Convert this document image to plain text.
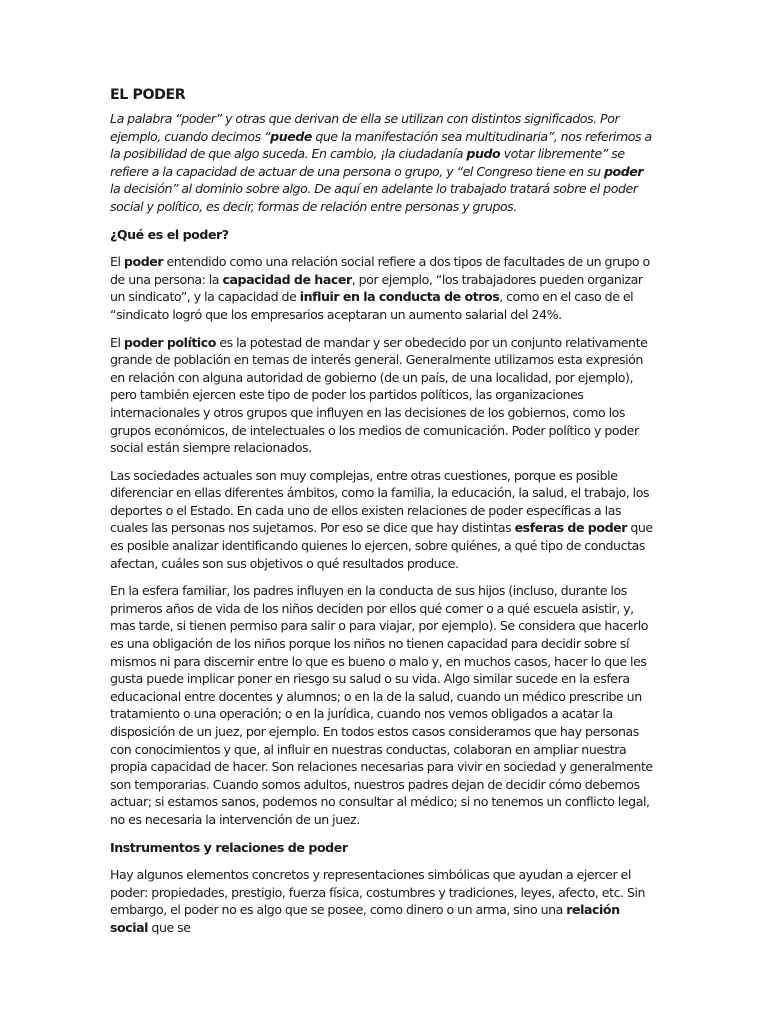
EL PODER

La palabra “poder” y otras que derivan de ella se utilizan con distintos significados. Por ejemplo, cuando decimos “puede que la manifestación sea multitudinaria”, nos referimos a la posibilidad de que algo suceda. En cambio, ¡la ciudadanía pudo votar libremente” se refiere a la capacidad de actuar de una persona o grupo, y “el Congreso tiene en su poder la decisión” al dominio sobre algo. De aquí en adelante lo trabajado tratará sobre el poder social y político, es decir, formas de relación entre personas y grupos.

¿Qué es el poder?

El poder entendido como una relación social refiere a dos tipos de facultades de un grupo o de una persona: la capacidad de hacer, por ejemplo, “los trabajadores pueden organizar un sindicato”, y la capacidad de influir en la conducta de otros, como en el caso de el “sindicato logró que los empresarios aceptaran un aumento salarial del 24%.

El poder político es la potestad de mandar y ser obedecido por un conjunto relativamente grande de población en temas de interés general. Generalmente utilizamos esta expresión en relación con alguna autoridad de gobierno (de un país, de una localidad, por ejemplo), pero también ejercen este tipo de poder los partidos políticos, las organizaciones internacionales y otros grupos que influyen en las decisiones de los gobiernos, como los grupos económicos, de intelectuales o los medios de comunicación. Poder político y poder social están siempre relacionados.

Las sociedades actuales son muy complejas, entre otras cuestiones, porque es posible diferenciar en ellas diferentes ámbitos, como la familia, la educación, la salud, el trabajo, los deportes o el Estado. En cada uno de ellos existen relaciones de poder específicas a las cuales las personas nos sujetamos. Por eso se dice que hay distintas esferas de poder que es posible analizar identificando quienes lo ejercen, sobre quiénes, a qué tipo de conductas afectan, cuáles son sus objetivos o qué resultados produce.

En la esfera familiar, los padres influyen en la conducta de sus hijos (incluso, durante los primeros años de vida de los niños deciden por ellos qué comer o a qué escuela asistir, y, mas tarde, si tienen permiso para salir o para viajar, por ejemplo). Se considera que hacerlo es una obligación de los niños porque los niños no tienen capacidad para decidir sobre sí mismos ni para discernir entre lo que es bueno o malo y, en muchos casos, hacer lo que les gusta puede implicar poner en riesgo su salud o su vida. Algo similar sucede en la esfera educacional entre docentes y alumnos; o en la de la salud, cuando un médico prescribe un tratamiento o una operación; o en la jurídica, cuando nos vemos obligados a acatar la disposición de un juez, por ejemplo. En todos estos casos consideramos que hay personas con conocimientos y que, al influir en nuestras conductas, colaboran en ampliar nuestra propia capacidad de hacer. Son relaciones necesarias para vivir en sociedad y generalmente son temporarias. Cuando somos adultos, nuestros padres dejan de decidir cómo debemos actuar; si estamos sanos, podemos no consultar al médico; si no tenemos un conflicto legal, no es necesaria la intervención de un juez.

Instrumentos y relaciones de poder

Hay algunos elementos concretos y representaciones simbólicas que ayudan a ejercer el poder: propiedades, prestigio, fuerza física, costumbres y tradiciones, leyes, afecto, etc. Sin embargo, el poder no es algo que se posee, como dinero o un arma, sino una relación social que se
